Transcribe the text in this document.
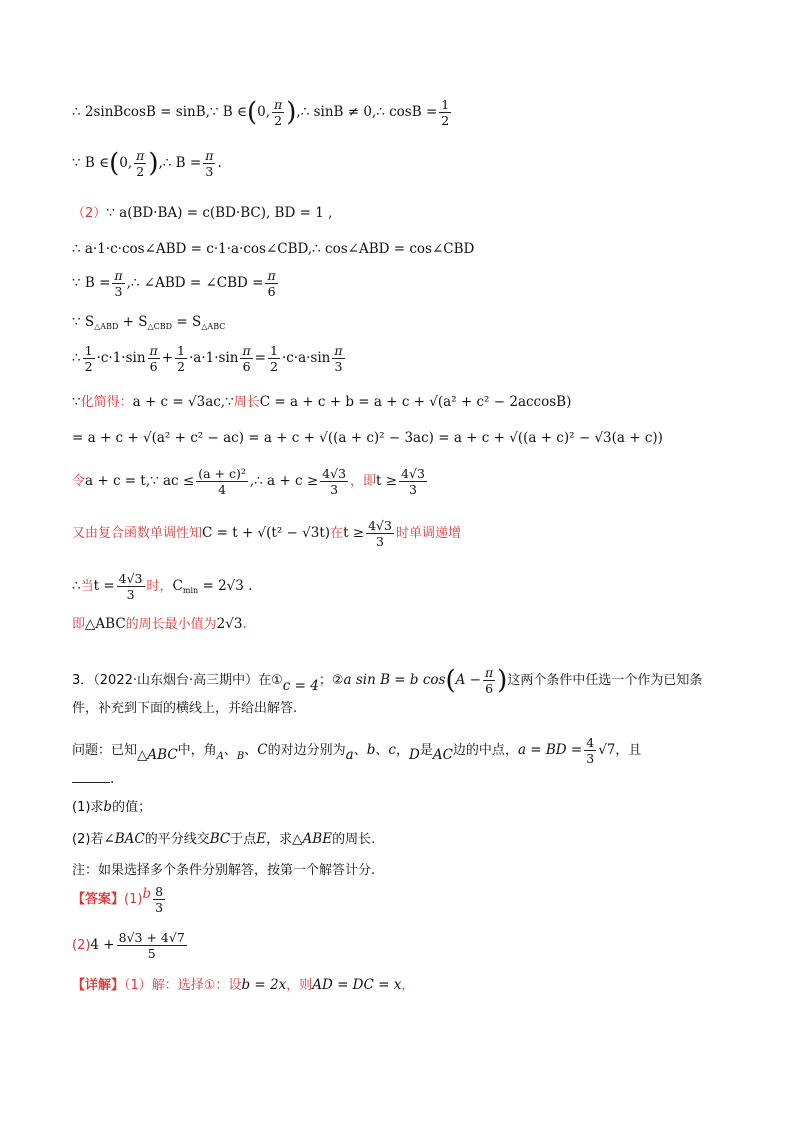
∴ 2sinBcosB = sinB,∵ B ∈(0, $\frac{\pi}{2}$ ),∴ sinB ≠ 0,∴ $\cos B = \frac{1}{2}$
∵ B ∈(0, $\frac{\pi}{2}$ ),∴ $B = \frac{\pi}{3}$ .
（2）∵ a(BD·BA) = c(BD·BC), BD = 1 ,
∴ a·1·c·cos∠ABD = c·1·a·cos∠CBD,∴ cos∠ABD = cos∠CBD
∵ $B = \frac{\pi}{3}$ ,∴ ∠ABD = ∠CBD = $\frac{\pi}{6}$
∵ $S_{\triangle ABD} + S_{\triangle CBD} = S_{\triangle ABC}$
∴ $\frac{1}{2} \cdot c\cdot 1\cdot\sin \frac{\pi}{6} + \frac{1}{2} \cdot a\cdot 1\cdot\sin \frac{\pi}{6} = \frac{1}{2} \cdot c\cdot a\cdot\sin \frac{\pi}{3}$
∵化简得：a + c = √3ac,∵周长C = a + c + b = a + c + √(a² + c² − 2accosB)
= a + c + √(a² + c² − ac) = a + c + √((a + c)² − 3ac) = a + c + √((a + c)² − √3(a + c))
令a + c = t,∵ ac ≤ $\frac{\text{(a + c)²}}{4}$ ,∴ $a + c \ge \frac{4√3}{3}$ ，即$t \ge \frac{4√3}{3}$
又由复合函数单调性知C = t + √(t² − √3t)在$t \ge \frac{4√3}{3}$ 时单调递增
∴当$t = \frac{4√3}{3}$ 时，$C_{min} = 2√3$ .
即△ABC的周长最小值为2√3.
3．（2022·山东烟台·高三期中）在①c = 4；②a sin B = b $\cos(A - \frac{\pi}{6}$ )这两个条件中任选一个作为已知条
件，补充到下面的横线上，并给出解答.
问题：已知△ABC中，角$_A$、$_B$、C的对边分别为a、b、c，D是AC边的中点，a = BD = $\frac{4}{3} √7$，且
.
(1)求b的值；
(2)若∠BAC的平分线交BC于点E，求△ABE的周长.
注：如果选择多个条件分别解答，按第一个解答计分.
【答案】$(1)b \frac{8}{3}$
$(2)4 + \frac{8√3 + 4√7}{5}$
【详解】（1）解：选择①：设b = 2x，则AD = DC = x，
